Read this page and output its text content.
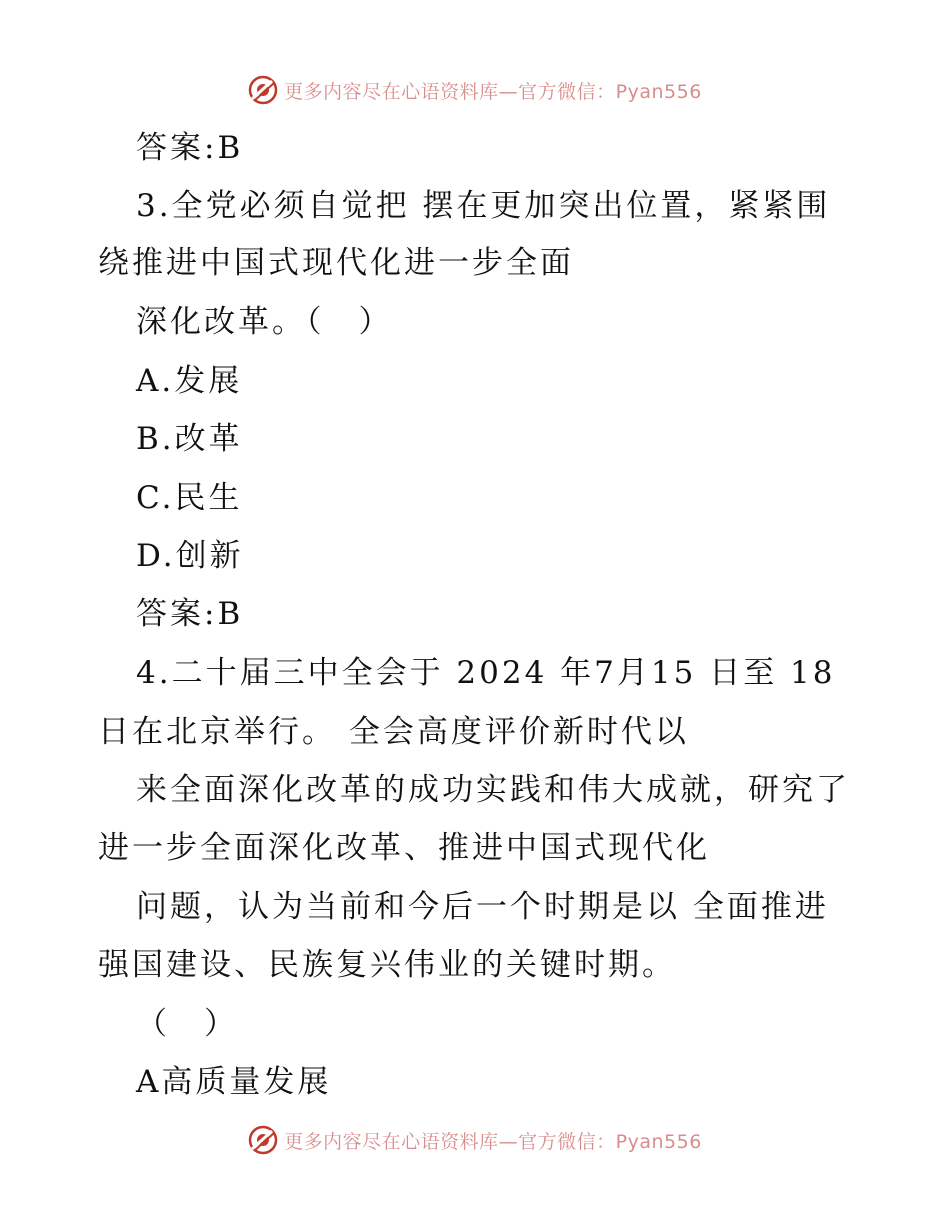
更多内容尽在心语资料库—官方微信：Pyan556
答案:B
3.全党必须自觉把 摆在更加突出位置，紧紧围
绕推进中国式现代化进一步全面
深化改革。（　）
A.发展
B.改革
C.民生
D.创新
答案:B
4.二十届三中全会于 2024 年7月15 日至 18
日在北京举行。 全会高度评价新时代以
来全面深化改革的成功实践和伟大成就，研究了
进一步全面深化改革、推进中国式现代化
问题，认为当前和今后一个时期是以 全面推进
强国建设、民族复兴伟业的关键时期。
（　）
A高质量发展
更多内容尽在心语资料库—官方微信：Pyan556
